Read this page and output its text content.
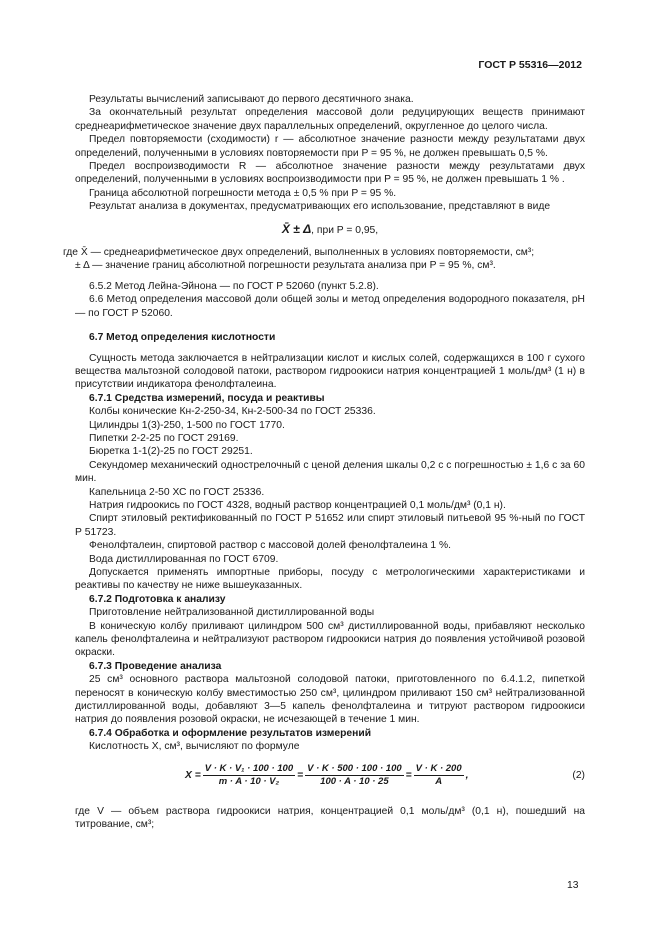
ГОСТ Р 55316—2012

Результаты вычислений записывают до первого десятичного знака.

За окончательный результат определения массовой доли редуцирующих веществ принимают среднеарифметическое значение двух параллельных определений, округленное до целого числа.

Предел повторяемости (сходимости) r — абсолютное значение разности между результатами двух определений, полученными в условиях повторяемости при P = 95 %, не должен превышать 0,5 %.

Предел воспроизводимости R — абсолютное значение разности между результатами двух определений, полученными в условиях воспроизводимости при P = 95 %, не должен превышать 1 % .

Граница абсолютной погрешности метода ± 0,5 % при P = 95 %.

Результат анализа в документах, предусматривающих его использование, представляют в виде

X̄ ± Δ, при P = 0,95,

где X̄ — среднеарифметическое двух определений, выполненных в условиях повторяемости, см³;

± Δ — значение границ абсолютной погрешности результата анализа при P = 95 %, см³.

6.5.2 Метод Лейна-Эйнона — по ГОСТ Р 52060 (пункт 5.2.8).

6.6 Метод определения массовой доли общей золы и метод определения водородного показателя, pH — по ГОСТ Р 52060.

6.7 Метод определения кислотности

Сущность метода заключается в нейтрализации кислот и кислых солей, содержащихся в 100 г сухого вещества мальтозной солодовой патоки, раствором гидроокиси натрия концентрацией 1 моль/дм³ (1 н) в присутствии индикатора фенолфталеина.

6.7.1 Средства измерений, посуда и реактивы

Колбы конические Кн-2-250-34, Кн-2-500-34 по ГОСТ 25336.

Цилиндры 1(3)-250, 1-500 по ГОСТ 1770.

Пипетки 2-2-25 по ГОСТ 29169.

Бюретка 1-1(2)-25 по ГОСТ 29251.

Секундомер механический однострелочный с ценой деления шкалы 0,2 с с погрешностью ± 1,6 с за 60 мин.

Капельница 2-50 ХС по ГОСТ 25336.

Натрия гидроокись по ГОСТ 4328, водный раствор концентрацией 0,1 моль/дм³ (0,1 н).

Спирт этиловый ректификованный по ГОСТ Р 51652 или спирт этиловый питьевой 95 %-ный по ГОСТ Р 51723.

Фенолфталеин, спиртовой раствор с массовой долей фенолфталеина 1 %.

Вода дистиллированная по ГОСТ 6709.

Допускается применять импортные приборы, посуду с метрологическими характеристиками и реактивы по качеству не ниже вышеуказанных.

6.7.2 Подготовка к анализу

Приготовление нейтрализованной дистиллированной воды

В коническую колбу приливают цилиндром 500 см³ дистиллированной воды, прибавляют несколько капель фенолфталеина и нейтрализуют раствором гидроокиси натрия до появления устойчивой розовой окраски.

6.7.3 Проведение анализа

25 см³ основного раствора мальтозной солодовой патоки, приготовленного по 6.4.1.2, пипеткой переносят в коническую колбу вместимостью 250 см³, цилиндром приливают 150 см³ нейтрализованной дистиллированной воды, добавляют 3—5 капель фенолфталеина и титруют раствором гидроокиси натрия до появления розовой окраски, не исчезающей в течение 1 мин.

6.7.4 Обработка и оформление результатов измерений

Кислотность X, см³, вычисляют по формуле

$X = \frac{\text{V · K · V₁ · 100 · 100}}{\text{m · A · 10 · V₂}} = \frac{V \cdot K \cdot 500 \cdot 100 \cdot 100}{100 \cdot A \cdot 10 \cdot 25} = \frac{V \cdot K \cdot 200}{A}$ ,	(2)

где V — объем раствора гидроокиси натрия, концентрацией 0,1 моль/дм³ (0,1 н), пошедший на титрование, см³;

13
